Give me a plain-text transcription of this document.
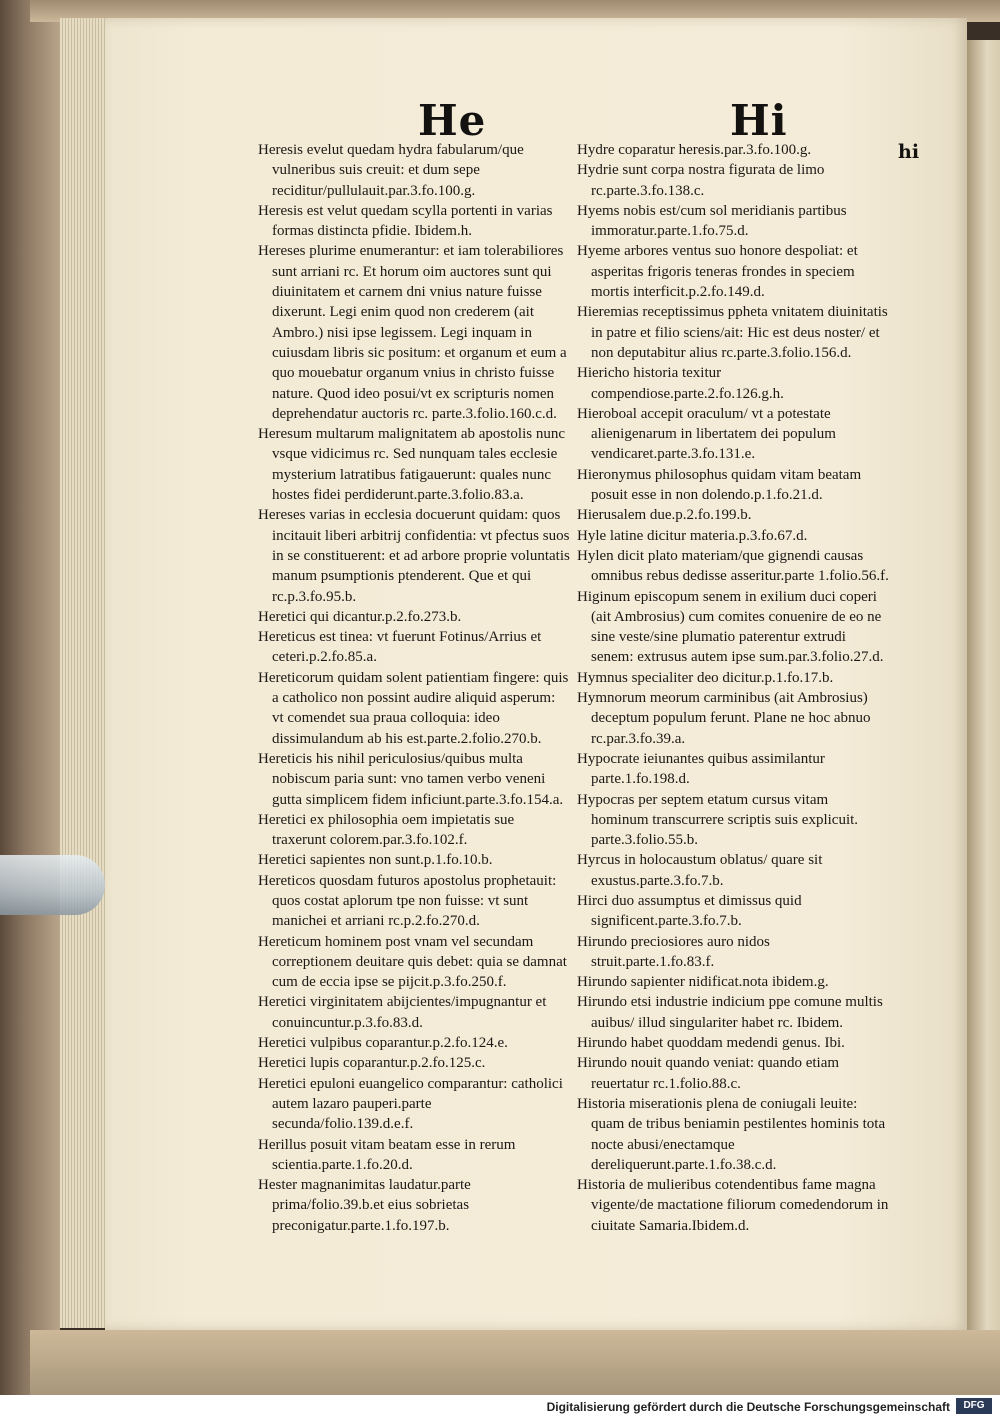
He	Hi
hi

Heresis evelut quedam hydra fabularum/que vulneribus suis creuit: et dum sepe reciditur/pullulauit.par.3.fo.100.g.

Heresis est velut quedam scylla portenti in varias formas distincta pfidie. Ibidem.h.

Hereses plurime enumerantur: et iam tolerabiliores sunt arriani rc. Et horum oim auctores sunt qui diuinitatem et carnem dni vnius nature fuisse dixerunt. Legi enim quod non crederem (ait Ambro.) nisi ipse legissem. Legi inquam in cuiusdam libris sic positum: et organum et eum a quo mouebatur organum vnius in christo fuisse nature. Quod ideo posui/vt ex scripturis nomen deprehendatur auctoris rc. parte.3.folio.160.c.d.

Heresum multarum malignitatem ab apostolis nunc vsque vidicimus rc. Sed nunquam tales ecclesie mysterium latratibus fatigauerunt: quales nunc hostes fidei perdiderunt.parte.3.folio.83.a.

Hereses varias in ecclesia docuerunt quidam: quos incitauit liberi arbitrij confidentia: vt pfectus suos in se constituerent: et ad arbore proprie voluntatis manum psumptionis ptenderent. Que et qui rc.p.3.fo.95.b.

Heretici qui dicantur.p.2.fo.273.b.

Hereticus est tinea: vt fuerunt Fotinus/Arrius et ceteri.p.2.fo.85.a.

Hereticorum quidam solent patientiam fingere: quis a catholico non possint audire aliquid asperum: vt comendet sua praua colloquia: ideo dissimulandum ab his est.parte.2.folio.270.b.

Hereticis his nihil periculosius/quibus multa nobiscum paria sunt: vno tamen verbo veneni gutta simplicem fidem inficiunt.parte.3.fo.154.a.

Heretici ex philosophia oem impietatis sue traxerunt colorem.par.3.fo.102.f.

Heretici sapientes non sunt.p.1.fo.10.b.

Hereticos quosdam futuros apostolus prophetauit: quos costat aplorum tpe non fuisse: vt sunt manichei et arriani rc.p.2.fo.270.d.

Hereticum hominem post vnam vel secundam correptionem deuitare quis debet: quia se damnat cum de eccia ipse se pijcit.p.3.fo.250.f.

Heretici virginitatem abijcientes/impugnantur et conuincuntur.p.3.fo.83.d.

Heretici vulpibus coparantur.p.2.fo.124.e.

Heretici lupis coparantur.p.2.fo.125.c.

Heretici epuloni euangelico comparantur: catholici autem lazaro pauperi.parte secunda/folio.139.d.e.f.

Herillus posuit vitam beatam esse in rerum scientia.parte.1.fo.20.d.

Hester magnanimitas laudatur.parte prima/folio.39.b.et eius sobrietas preconigatur.parte.1.fo.197.b.

Hydre coparatur heresis.par.3.fo.100.g.

Hydrie sunt corpa nostra figurata de limo rc.parte.3.fo.138.c.

Hyems nobis est/cum sol meridianis partibus immoratur.parte.1.fo.75.d.

Hyeme arbores ventus suo honore despoliat: et asperitas frigoris teneras frondes in speciem mortis interficit.p.2.fo.149.d.

Hieremias receptissimus ppheta vnitatem diuinitatis in patre et filio sciens/ait: Hic est deus noster/ et non deputabitur alius rc.parte.3.folio.156.d.

Hiericho historia texitur compendiose.parte.2.fo.126.g.h.

Hieroboal accepit oraculum/ vt a potestate alienigenarum in libertatem dei populum vendicaret.parte.3.fo.131.e.

Hieronymus philosophus quidam vitam beatam posuit esse in non dolendo.p.1.fo.21.d.

Hierusalem due.p.2.fo.199.b.

Hyle latine dicitur materia.p.3.fo.67.d.

Hylen dicit plato materiam/que gignendi causas omnibus rebus dedisse asseritur.parte 1.folio.56.f.

Higinum episcopum senem in exilium duci coperi (ait Ambrosius) cum comites conuenire de eo ne sine veste/sine plumatio paterentur extrudi senem: extrusus autem ipse sum.par.3.folio.27.d.

Hymnus specialiter deo dicitur.p.1.fo.17.b.

Hymnorum meorum carminibus (ait Ambrosius) deceptum populum ferunt. Plane ne hoc abnuo rc.par.3.fo.39.a.

Hypocrate ieiunantes quibus assimilantur parte.1.fo.198.d.

Hypocras per septem etatum cursus vitam hominum transcurrere scriptis suis explicuit. parte.3.folio.55.b.

Hyrcus in holocaustum oblatus/ quare sit exustus.parte.3.fo.7.b.

Hirci duo assumptus et dimissus quid significent.parte.3.fo.7.b.

Hirundo preciosiores auro nidos struit.parte.1.fo.83.f.

Hirundo sapienter nidificat.nota ibidem.g.

Hirundo etsi industrie indicium ppe comune multis auibus/ illud singulariter habet rc. Ibidem.

Hirundo habet quoddam medendi genus. Ibi.

Hirundo nouit quando veniat: quando etiam reuertatur rc.1.folio.88.c.

Historia miserationis plena de coniugali leuite: quam de tribus beniamin pestilentes hominis tota nocte abusi/enectamque dereliquerunt.parte.1.fo.38.c.d.

Historia de mulieribus cotendentibus fame magna vigente/de mactatione filiorum comedendorum in ciuitate Samaria.Ibidem.d.

Digitalisierung gefördert durch die Deutsche Forschungsgemeinschaft	DFG
